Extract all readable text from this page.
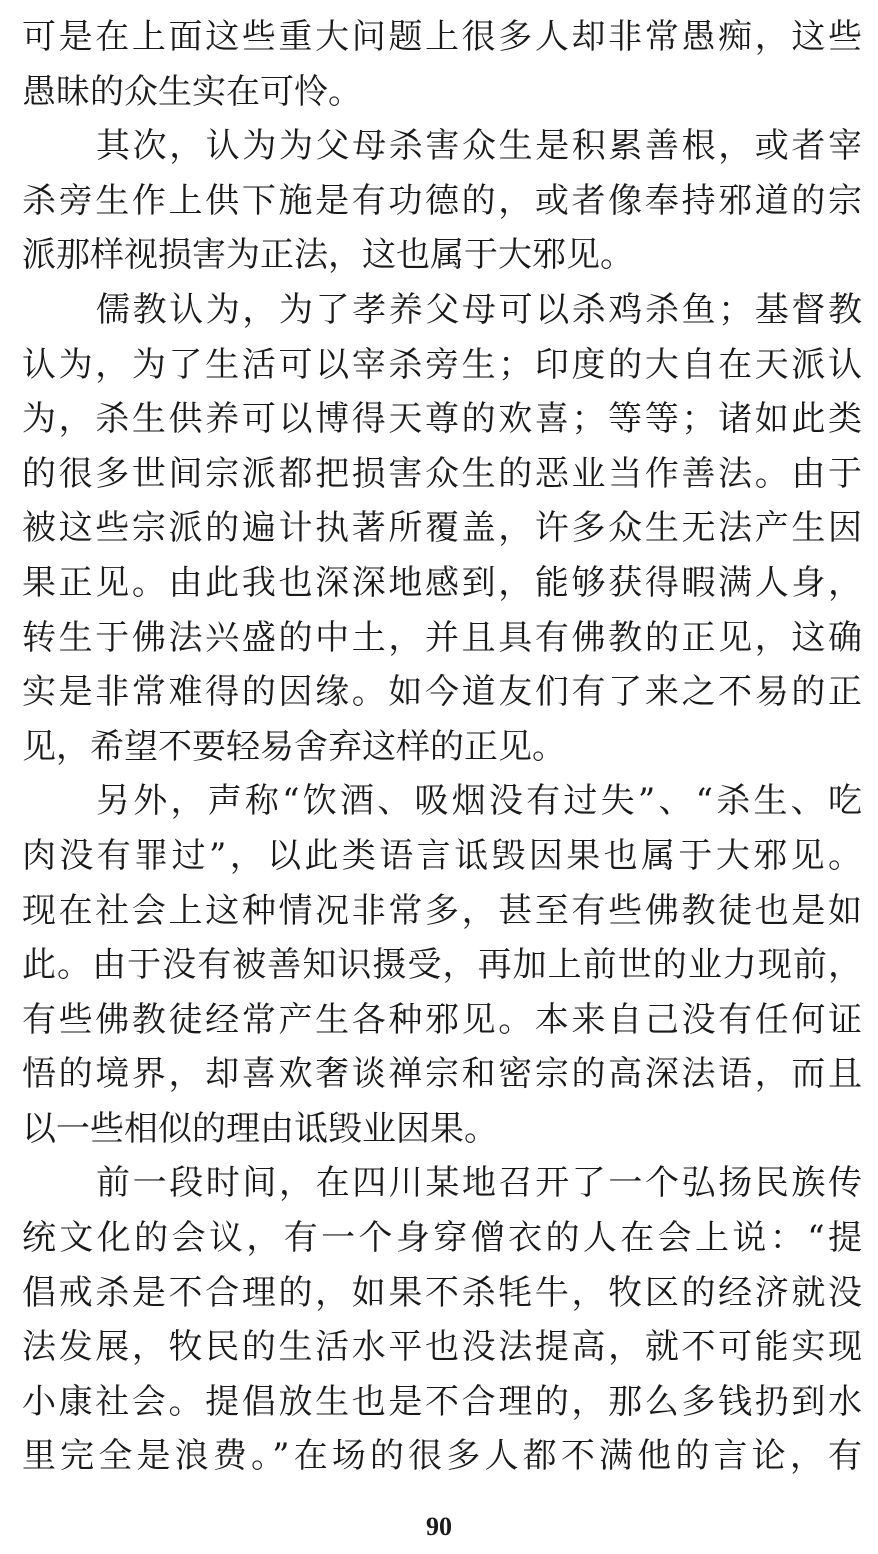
可是在上面这些重大问题上很多人却非常愚痴，这些
愚昧的众生实在可怜。
其次，认为为父母杀害众生是积累善根，或者宰
杀旁生作上供下施是有功德的，或者像奉持邪道的宗
派那样视损害为正法，这也属于大邪见。
儒教认为，为了孝养父母可以杀鸡杀鱼；基督教
认为，为了生活可以宰杀旁生；印度的大自在天派认
为，杀生供养可以博得天尊的欢喜；等等；诸如此类
的很多世间宗派都把损害众生的恶业当作善法。由于
被这些宗派的遍计执著所覆盖，许多众生无法产生因
果正见。由此我也深深地感到，能够获得暇满人身，
转生于佛法兴盛的中土，并且具有佛教的正见，这确
实是非常难得的因缘。如今道友们有了来之不易的正
见，希望不要轻易舍弃这样的正见。
另外，声称“饮酒、吸烟没有过失”、“杀生、吃
肉没有罪过”，以此类语言诋毁因果也属于大邪见。
现在社会上这种情况非常多，甚至有些佛教徒也是如
此。由于没有被善知识摄受，再加上前世的业力现前，
有些佛教徒经常产生各种邪见。本来自己没有任何证
悟的境界，却喜欢奢谈禅宗和密宗的高深法语，而且
以一些相似的理由诋毁业因果。
前一段时间，在四川某地召开了一个弘扬民族传
统文化的会议，有一个身穿僧衣的人在会上说：“提
倡戒杀是不合理的，如果不杀牦牛，牧区的经济就没
法发展，牧民的生活水平也没法提高，就不可能实现
小康社会。提倡放生也是不合理的，那么多钱扔到水
里完全是浪费。”在场的很多人都不满他的言论，有
90
